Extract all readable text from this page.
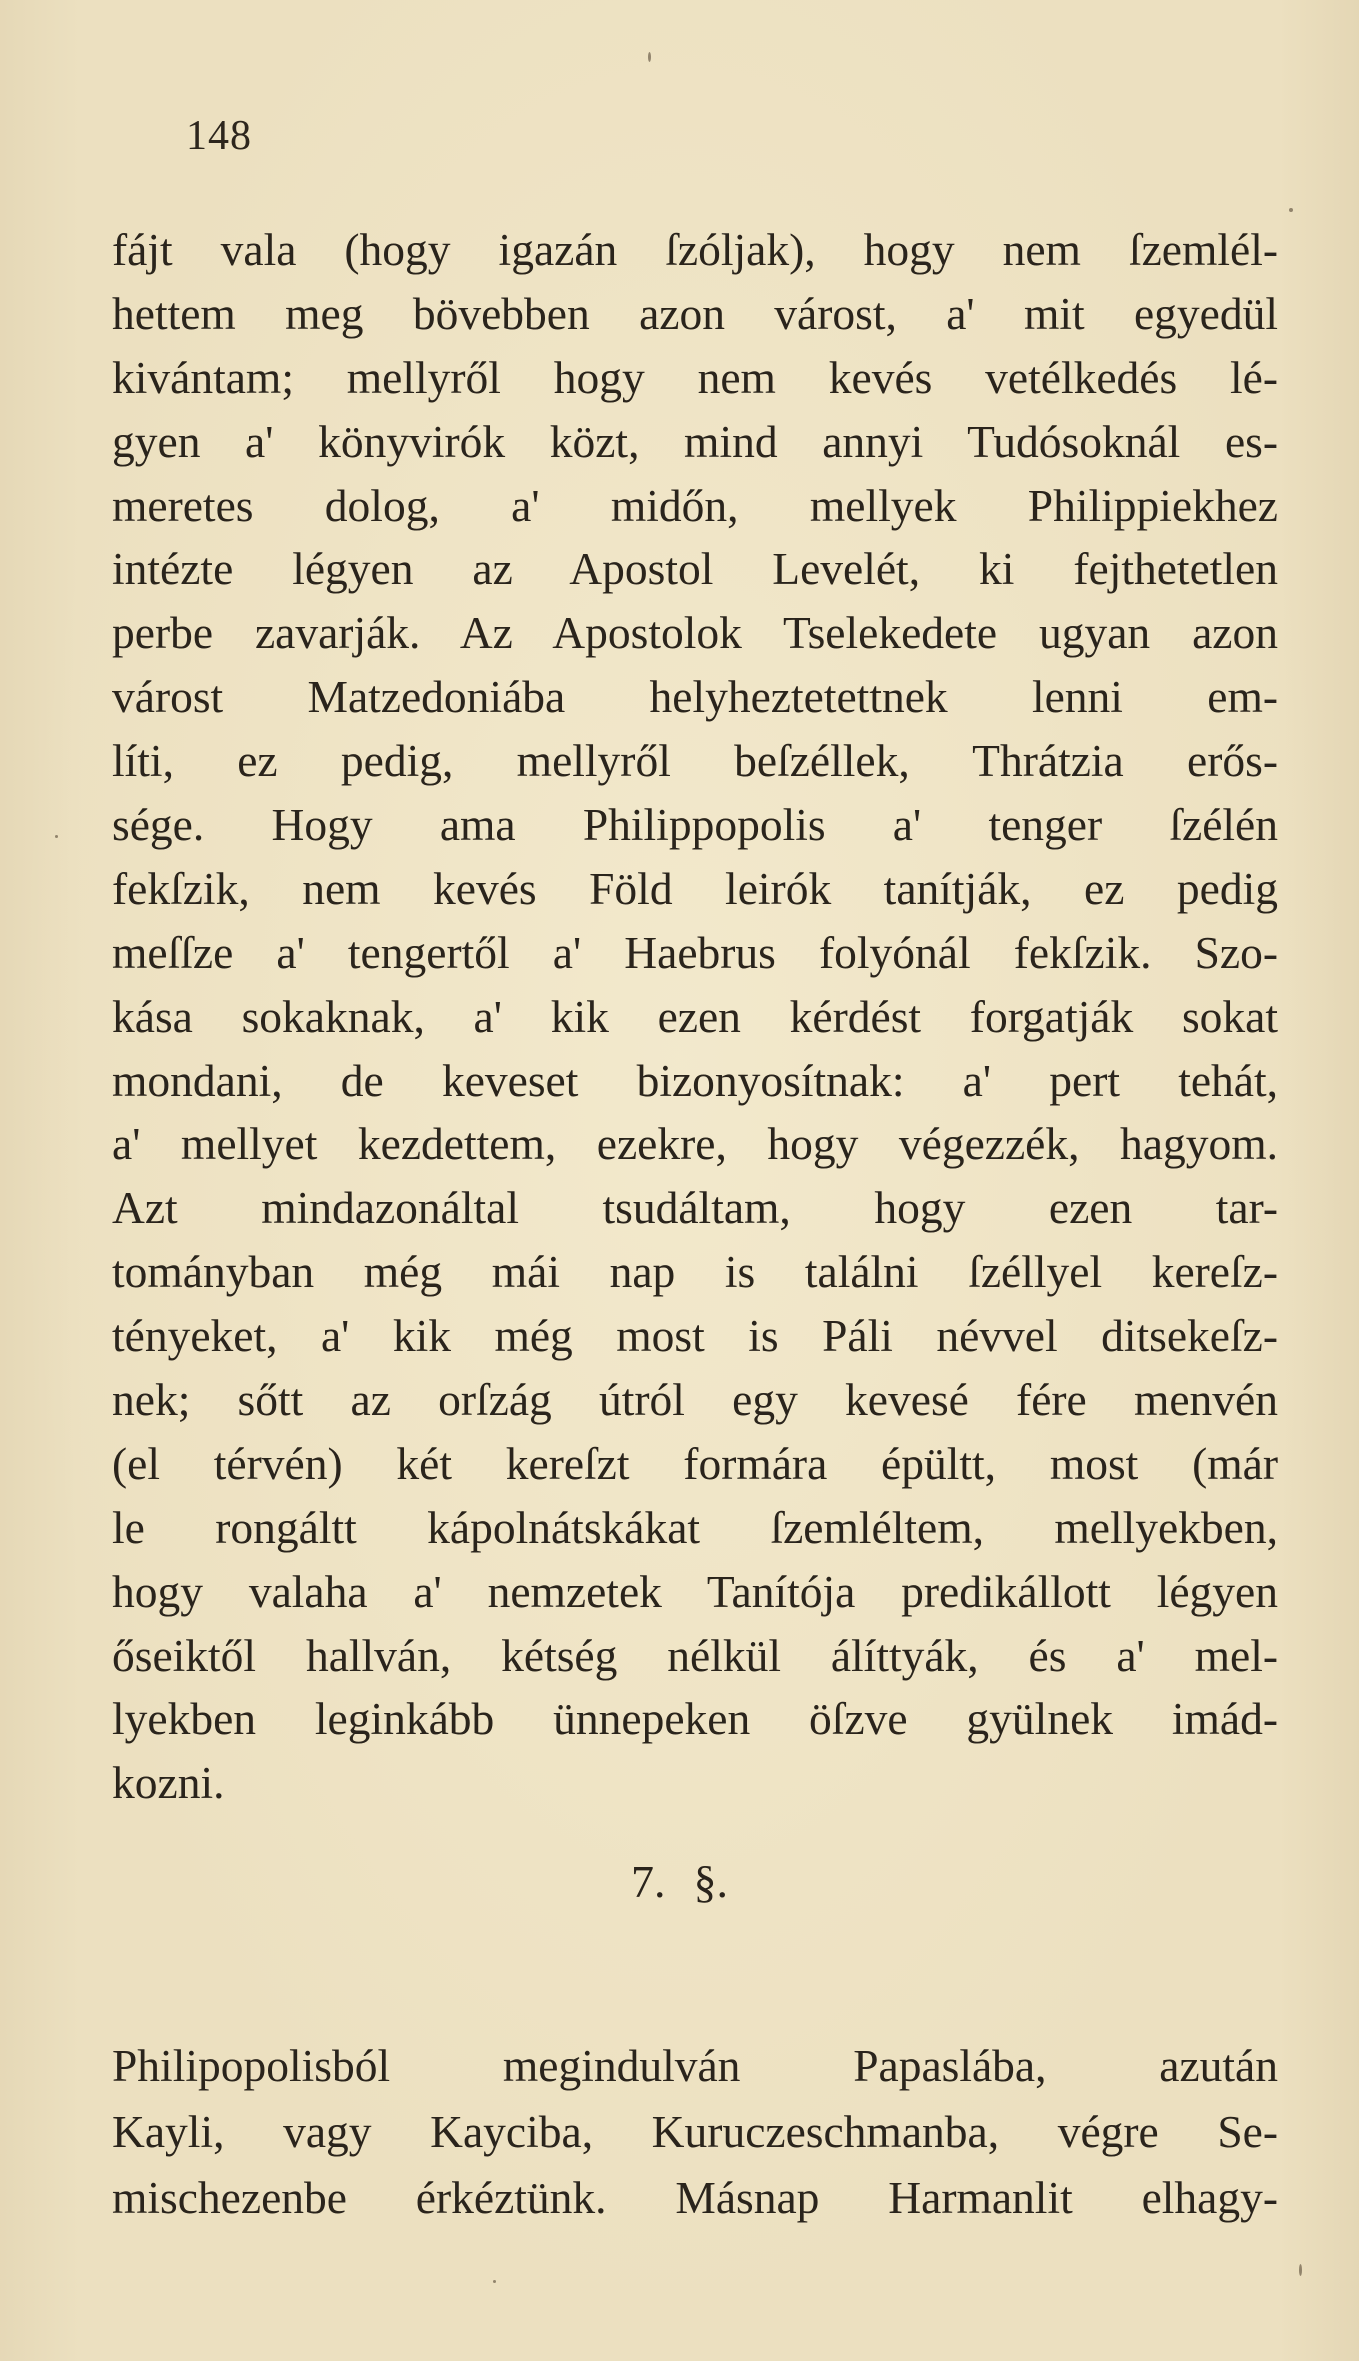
148
fájt vala (hogy igazán ſzóljak), hogy nem ſzemlél-
hettem meg bövebben azon várost, a' mit egyedül
kivántam; mellyről hogy nem kevés vetélkedés lé-
gyen a' könyvirók közt, mind annyi Tudósoknál es-
meretes dolog, a' midőn, mellyek Philippiekhez
intézte légyen az Apostol Levelét, ki fejthetetlen
perbe zavarják. Az Apostolok Tselekedete ugyan azon
várost Matzedoniába helyheztetettnek lenni em-
líti, ez pedig, mellyről beſzéllek, Thrátzia erős-
sége. Hogy ama Philippopolis a' tenger ſzélén
fekſzik, nem kevés Föld leirók tanítják, ez pedig
meſſze a' tengertől a' Haebrus folyónál fekſzik. Szo-
kása sokaknak, a' kik ezen kérdést forgatják sokat
mondani, de keveset bizonyosítnak: a' pert tehát,
a' mellyet kezdettem, ezekre, hogy végezzék, hagyom.
Azt mindazonáltal tsudáltam, hogy ezen tar-
tományban még mái nap is találni ſzéllyel kereſz-
tényeket, a' kik még most is Páli névvel ditsekeſz-
nek; sőtt az orſzág útról egy kevesé fére menvén
(el térvén) két kereſzt formára épültt, most (már
le rongáltt kápolnátskákat ſzemléltem, mellyekben,
hogy valaha a' nemzetek Tanítója predikállott légyen
őseiktől hallván, kétség nélkül álíttyák, és a' mel-
lyekben leginkább ünnepeken öſzve gyülnek imád-
kozni.
7. §.
Philipopolisból megindulván Papaslába, azután
Kayli, vagy Kayciba, Kuruczeschmanba, végre Se-
mischezenbe érkéztünk. Másnap Harmanlit elhagy-
